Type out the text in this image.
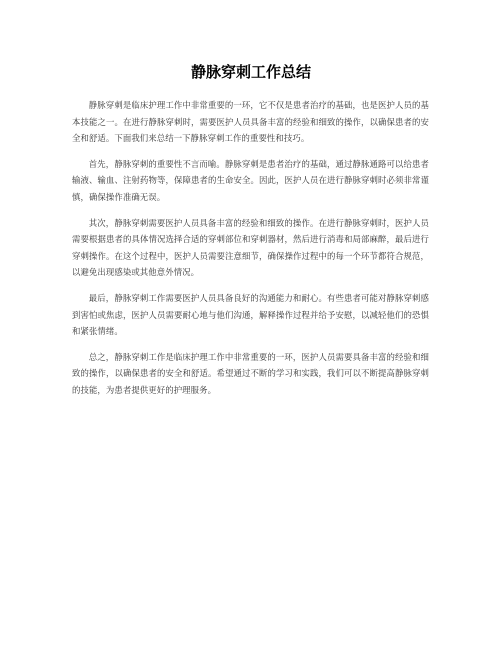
静脉穿刺工作总结

静脉穿刺是临床护理工作中非常重要的一环，它不仅是患者治疗的基础，也是医护人员的基本技能之一。在进行静脉穿刺时，需要医护人员具备丰富的经验和细致的操作，以确保患者的安全和舒适。下面我们来总结一下静脉穿刺工作的重要性和技巧。

首先，静脉穿刺的重要性不言而喻。静脉穿刺是患者治疗的基础，通过静脉通路可以给患者输液、输血、注射药物等，保障患者的生命安全。因此，医护人员在进行静脉穿刺时必须非常谨慎，确保操作准确无误。

其次，静脉穿刺需要医护人员具备丰富的经验和细致的操作。在进行静脉穿刺时，医护人员需要根据患者的具体情况选择合适的穿刺部位和穿刺器材，然后进行消毒和局部麻醉，最后进行穿刺操作。在这个过程中，医护人员需要注意细节，确保操作过程中的每一个环节都符合规范，以避免出现感染或其他意外情况。

最后，静脉穿刺工作需要医护人员具备良好的沟通能力和耐心。有些患者可能对静脉穿刺感到害怕或焦虑，医护人员需要耐心地与他们沟通，解释操作过程并给予安慰，以减轻他们的恐惧和紧张情绪。

总之，静脉穿刺工作是临床护理工作中非常重要的一环，医护人员需要具备丰富的经验和细致的操作，以确保患者的安全和舒适。希望通过不断的学习和实践，我们可以不断提高静脉穿刺的技能，为患者提供更好的护理服务。
